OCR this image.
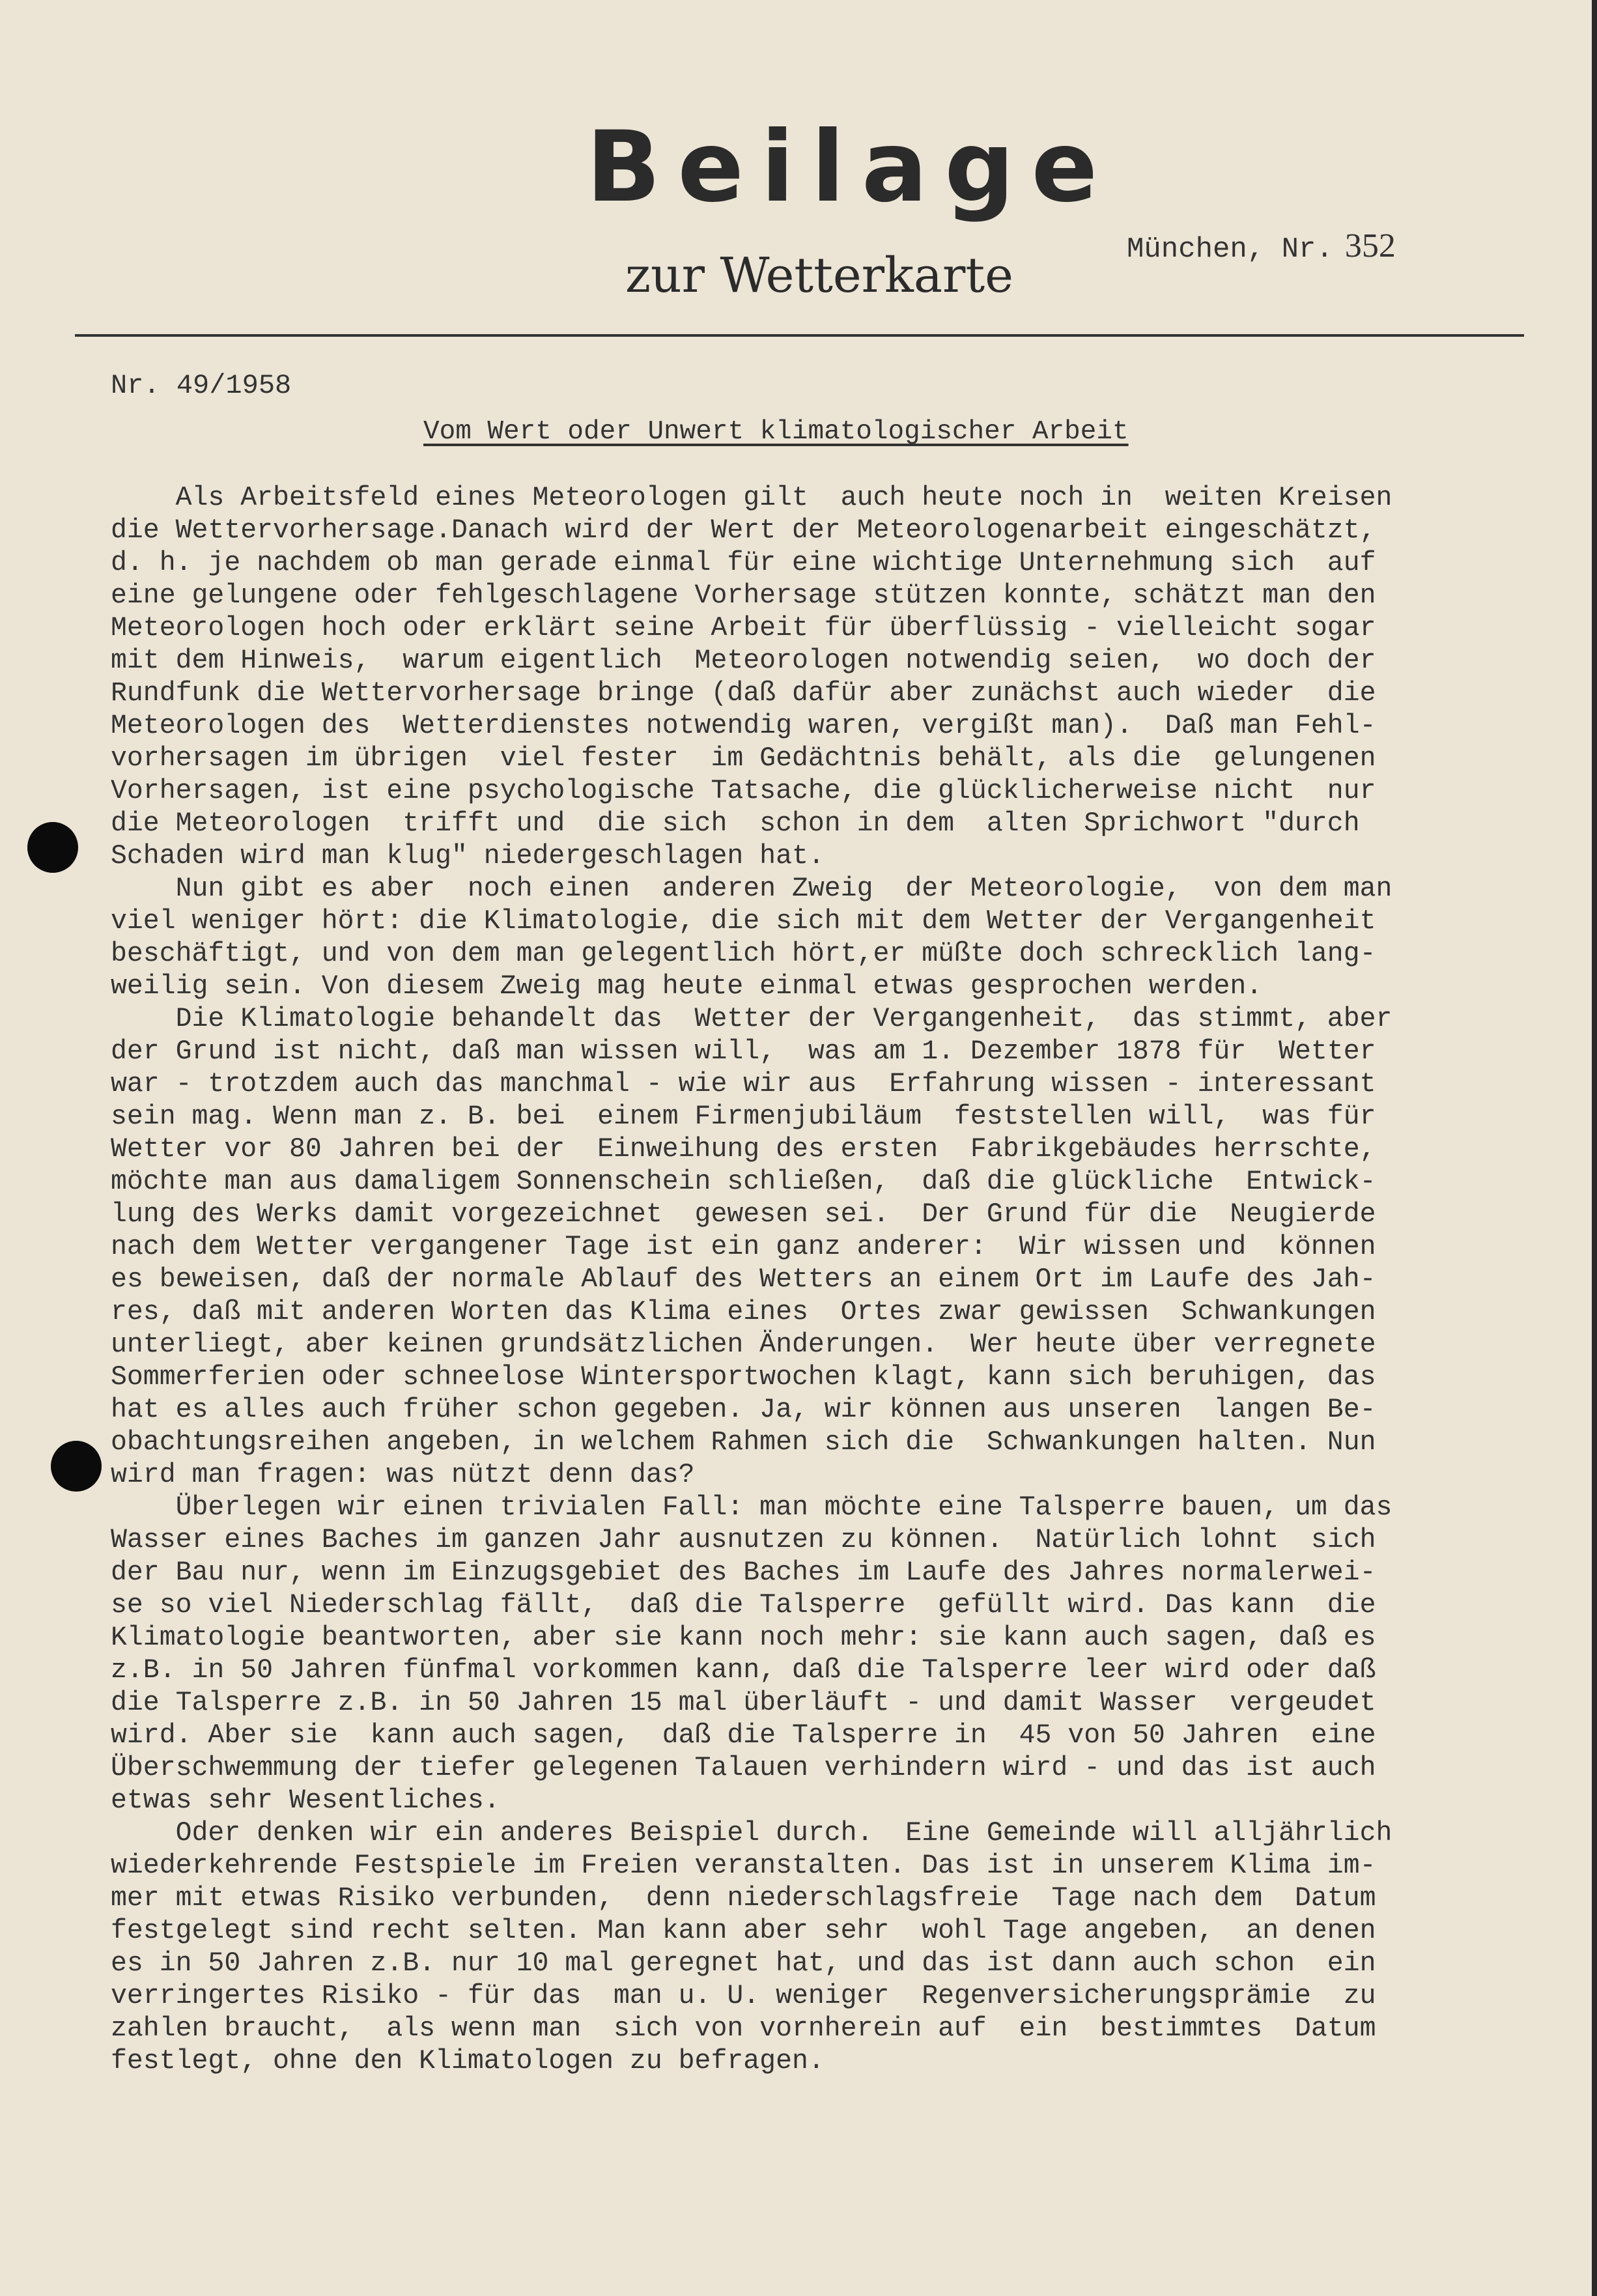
Beilage
zur Wetterkarte	München, Nr. 352
Nr. 49/1958
Vom Wert oder Unwert klimatologischer Arbeit
Als Arbeitsfeld eines Meteorologen gilt  auch heute noch in  weiten Kreisen
die Wettervorhersage.Danach wird der Wert der Meteorologenarbeit eingeschätzt,
d. h. je nachdem ob man gerade einmal für eine wichtige Unternehmung sich  auf
eine gelungene oder fehlgeschlagene Vorhersage stützen konnte, schätzt man den
Meteorologen hoch oder erklärt seine Arbeit für überflüssig - vielleicht sogar
mit dem Hinweis,  warum eigentlich  Meteorologen notwendig seien,  wo doch der
Rundfunk die Wettervorhersage bringe (daß dafür aber zunächst auch wieder  die
Meteorologen des  Wetterdienstes notwendig waren, vergißt man).  Daß man Fehl-
vorhersagen im übrigen  viel fester  im Gedächtnis behält, als die  gelungenen
Vorhersagen, ist eine psychologische Tatsache, die glücklicherweise nicht  nur
die Meteorologen  trifft und  die sich  schon in dem  alten Sprichwort "durch
Schaden wird man klug" niedergeschlagen hat.
Nun gibt es aber  noch einen  anderen Zweig  der Meteorologie,  von dem man
viel weniger hört: die Klimatologie, die sich mit dem Wetter der Vergangenheit
beschäftigt, und von dem man gelegentlich hört,er müßte doch schrecklich lang-
weilig sein. Von diesem Zweig mag heute einmal etwas gesprochen werden.
Die Klimatologie behandelt das  Wetter der Vergangenheit,  das stimmt, aber
der Grund ist nicht, daß man wissen will,  was am 1. Dezember 1878 für  Wetter
war - trotzdem auch das manchmal - wie wir aus  Erfahrung wissen - interessant
sein mag. Wenn man z. B. bei  einem Firmenjubiläum  feststellen will,  was für
Wetter vor 80 Jahren bei der  Einweihung des ersten  Fabrikgebäudes herrschte,
möchte man aus damaligem Sonnenschein schließen,  daß die glückliche  Entwick-
lung des Werks damit vorgezeichnet  gewesen sei.  Der Grund für die  Neugierde
nach dem Wetter vergangener Tage ist ein ganz anderer:  Wir wissen und  können
es beweisen, daß der normale Ablauf des Wetters an einem Ort im Laufe des Jah-
res, daß mit anderen Worten das Klima eines  Ortes zwar gewissen  Schwankungen
unterliegt, aber keinen grundsätzlichen Änderungen.  Wer heute über verregnete
Sommerferien oder schneelose Wintersportwochen klagt, kann sich beruhigen, das
hat es alles auch früher schon gegeben. Ja, wir können aus unseren  langen Be-
obachtungsreihen angeben, in welchem Rahmen sich die  Schwankungen halten. Nun
wird man fragen: was nützt denn das?
Überlegen wir einen trivialen Fall: man möchte eine Talsperre bauen, um das
Wasser eines Baches im ganzen Jahr ausnutzen zu können.  Natürlich lohnt  sich
der Bau nur, wenn im Einzugsgebiet des Baches im Laufe des Jahres normalerwei-
se so viel Niederschlag fällt,  daß die Talsperre  gefüllt wird. Das kann  die
Klimatologie beantworten, aber sie kann noch mehr: sie kann auch sagen, daß es
z.B. in 50 Jahren fünfmal vorkommen kann, daß die Talsperre leer wird oder daß
die Talsperre z.B. in 50 Jahren 15 mal überläuft - und damit Wasser  vergeudet
wird. Aber sie  kann auch sagen,  daß die Talsperre in  45 von 50 Jahren  eine
Überschwemmung der tiefer gelegenen Talauen verhindern wird - und das ist auch
etwas sehr Wesentliches.
Oder denken wir ein anderes Beispiel durch.  Eine Gemeinde will alljährlich
wiederkehrende Festspiele im Freien veranstalten. Das ist in unserem Klima im-
mer mit etwas Risiko verbunden,  denn niederschlagsfreie  Tage nach dem  Datum
festgelegt sind recht selten. Man kann aber sehr  wohl Tage angeben,  an denen
es in 50 Jahren z.B. nur 10 mal geregnet hat, und das ist dann auch schon  ein
verringertes Risiko - für das  man u. U. weniger  Regenversicherungsprämie  zu
zahlen braucht,  als wenn man  sich von vornherein auf  ein  bestimmtes  Datum
festlegt, ohne den Klimatologen zu befragen.
